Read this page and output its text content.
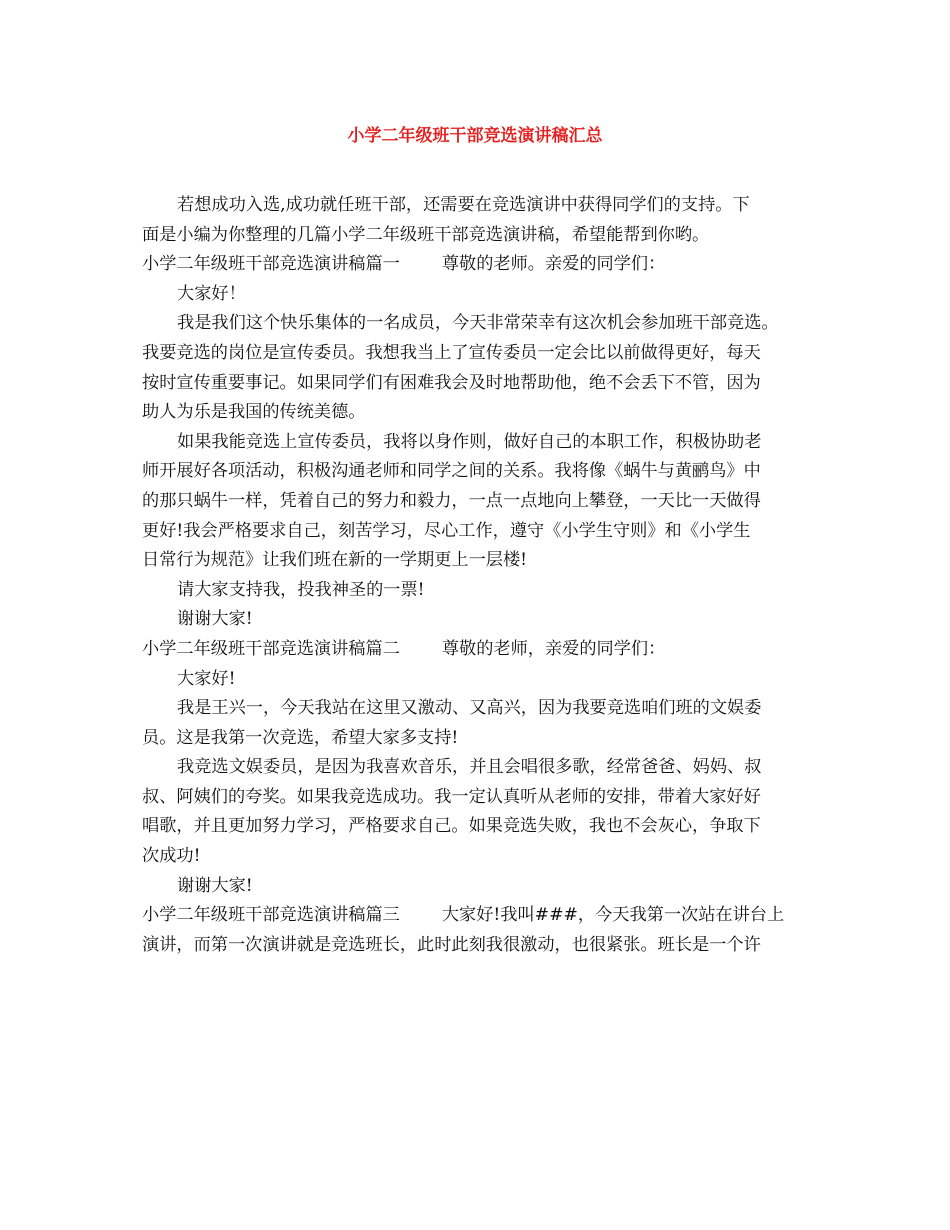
小学二年级班干部竞选演讲稿汇总
若想成功入选,成功就任班干部，还需要在竞选演讲中获得同学们的支持。下
面是小编为你整理的几篇小学二年级班干部竞选演讲稿，希望能帮到你哟。
小学二年级班干部竞选演讲稿篇一 尊敬的老师。亲爱的同学们：
大家好！
我是我们这个快乐集体的一名成员，今天非常荣幸有这次机会参加班干部竞选。
我要竞选的岗位是宣传委员。我想我当上了宣传委员一定会比以前做得更好，每天
按时宣传重要事记。如果同学们有困难我会及时地帮助他，绝不会丢下不管，因为
助人为乐是我国的传统美德。
如果我能竞选上宣传委员，我将以身作则，做好自己的本职工作，积极协助老
师开展好各项活动，积极沟通老师和同学之间的关系。我将像《蜗牛与黄鹂鸟》中
的那只蜗牛一样，凭着自己的努力和毅力，一点一点地向上攀登，一天比一天做得
更好!我会严格要求自己，刻苦学习，尽心工作，遵守《小学生守则》和《小学生
日常行为规范》让我们班在新的一学期更上一层楼!
请大家支持我，投我神圣的一票!
谢谢大家!
小学二年级班干部竞选演讲稿篇二 尊敬的老师，亲爱的同学们：
大家好!
我是王兴一，今天我站在这里又激动、又高兴，因为我要竞选咱们班的文娱委
员。这是我第一次竞选，希望大家多支持!
我竞选文娱委员，是因为我喜欢音乐，并且会唱很多歌，经常爸爸、妈妈、叔
叔、阿姨们的夸奖。如果我竞选成功。我一定认真听从老师的安排，带着大家好好
唱歌，并且更加努力学习，严格要求自己。如果竞选失败，我也不会灰心，争取下
次成功!
谢谢大家!
小学二年级班干部竞选演讲稿篇三 大家好!我叫###，今天我第一次站在讲台上
演讲，而第一次演讲就是竞选班长，此时此刻我很激动，也很紧张。班长是一个许
